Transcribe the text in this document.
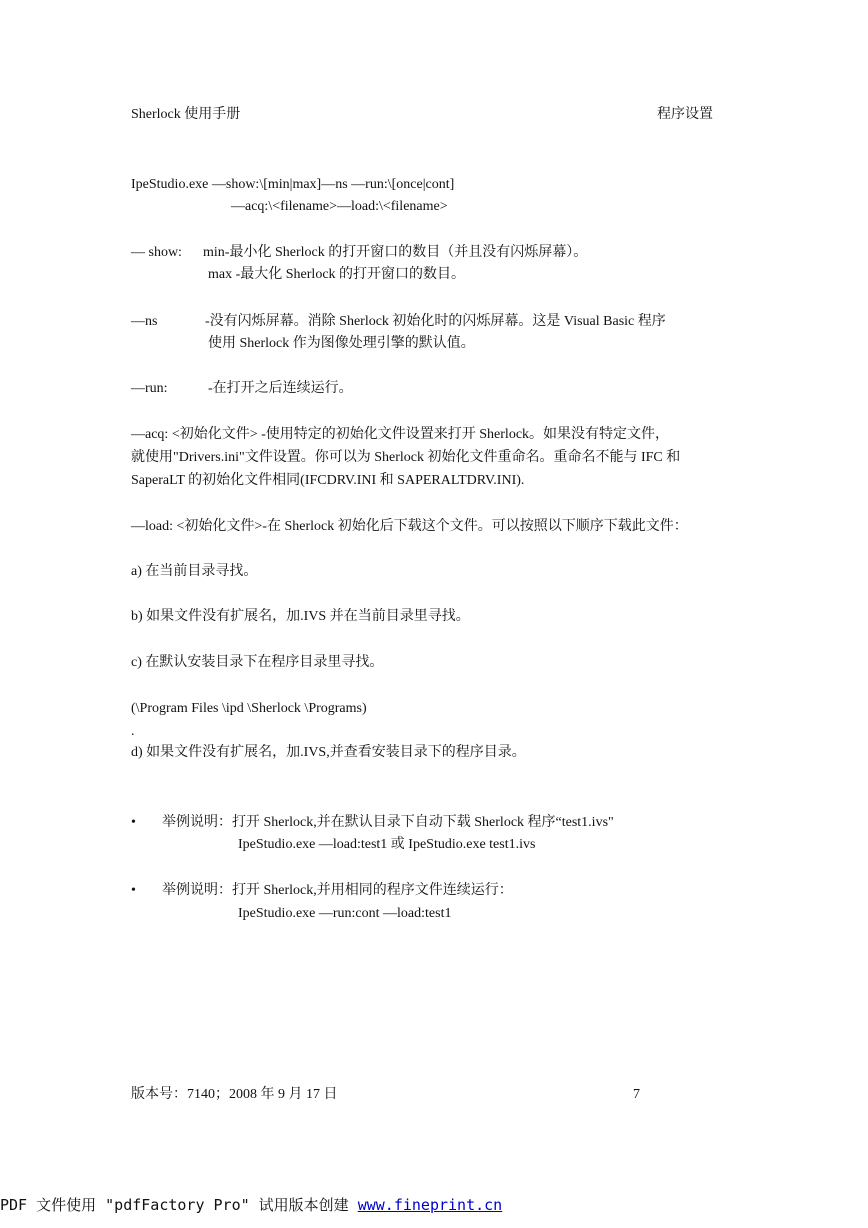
Sherlock 使用手册	程序设置
IpeStudio.exe —show:\[min|max]—ns —run:\[once|cont]
—acq:\<filename>—load:\<filename>
— show: min-最小化 Sherlock 的打开窗口的数目（并且没有闪烁屏幕）。
max -最大化 Sherlock 的打开窗口的数目。
—ns	-没有闪烁屏幕。消除 Sherlock 初始化时的闪烁屏幕。这是 Visual Basic 程序
使用 Sherlock 作为图像处理引擎的默认值。
—run:	-在打开之后连续运行。
—acq: <初始化文件> -使用特定的初始化文件设置来打开 Sherlock。如果没有特定文件，
就使用"Drivers.ini"文件设置。你可以为 Sherlock 初始化文件重命名。重命名不能与 IFC 和
SaperaLT 的初始化文件相同(IFCDRV.INI 和 SAPERALTDRV.INI).
—load: <初始化文件>-在 Sherlock 初始化后下载这个文件。可以按照以下顺序下载此文件：
a) 在当前目录寻找。
b) 如果文件没有扩展名，加.IVS 并在当前目录里寻找。
c) 在默认安装目录下在程序目录里寻找。
(\Program Files \ipd \Sherlock \Programs)
.
d) 如果文件没有扩展名，加.IVS,并查看安装目录下的程序目录。
• 举例说明：打开 Sherlock,并在默认目录下自动下载 Sherlock 程序“test1.ivs"
IpeStudio.exe —load:test1 或 IpeStudio.exe test1.ivs
• 举例说明：打开 Sherlock,并用相同的程序文件连续运行：
IpeStudio.exe —run:cont —load:test1
版本号：7140；2008 年 9 月 17 日	7
PDF 文件使用 "pdfFactory Pro" 试用版本创建 www.fineprint.cn
